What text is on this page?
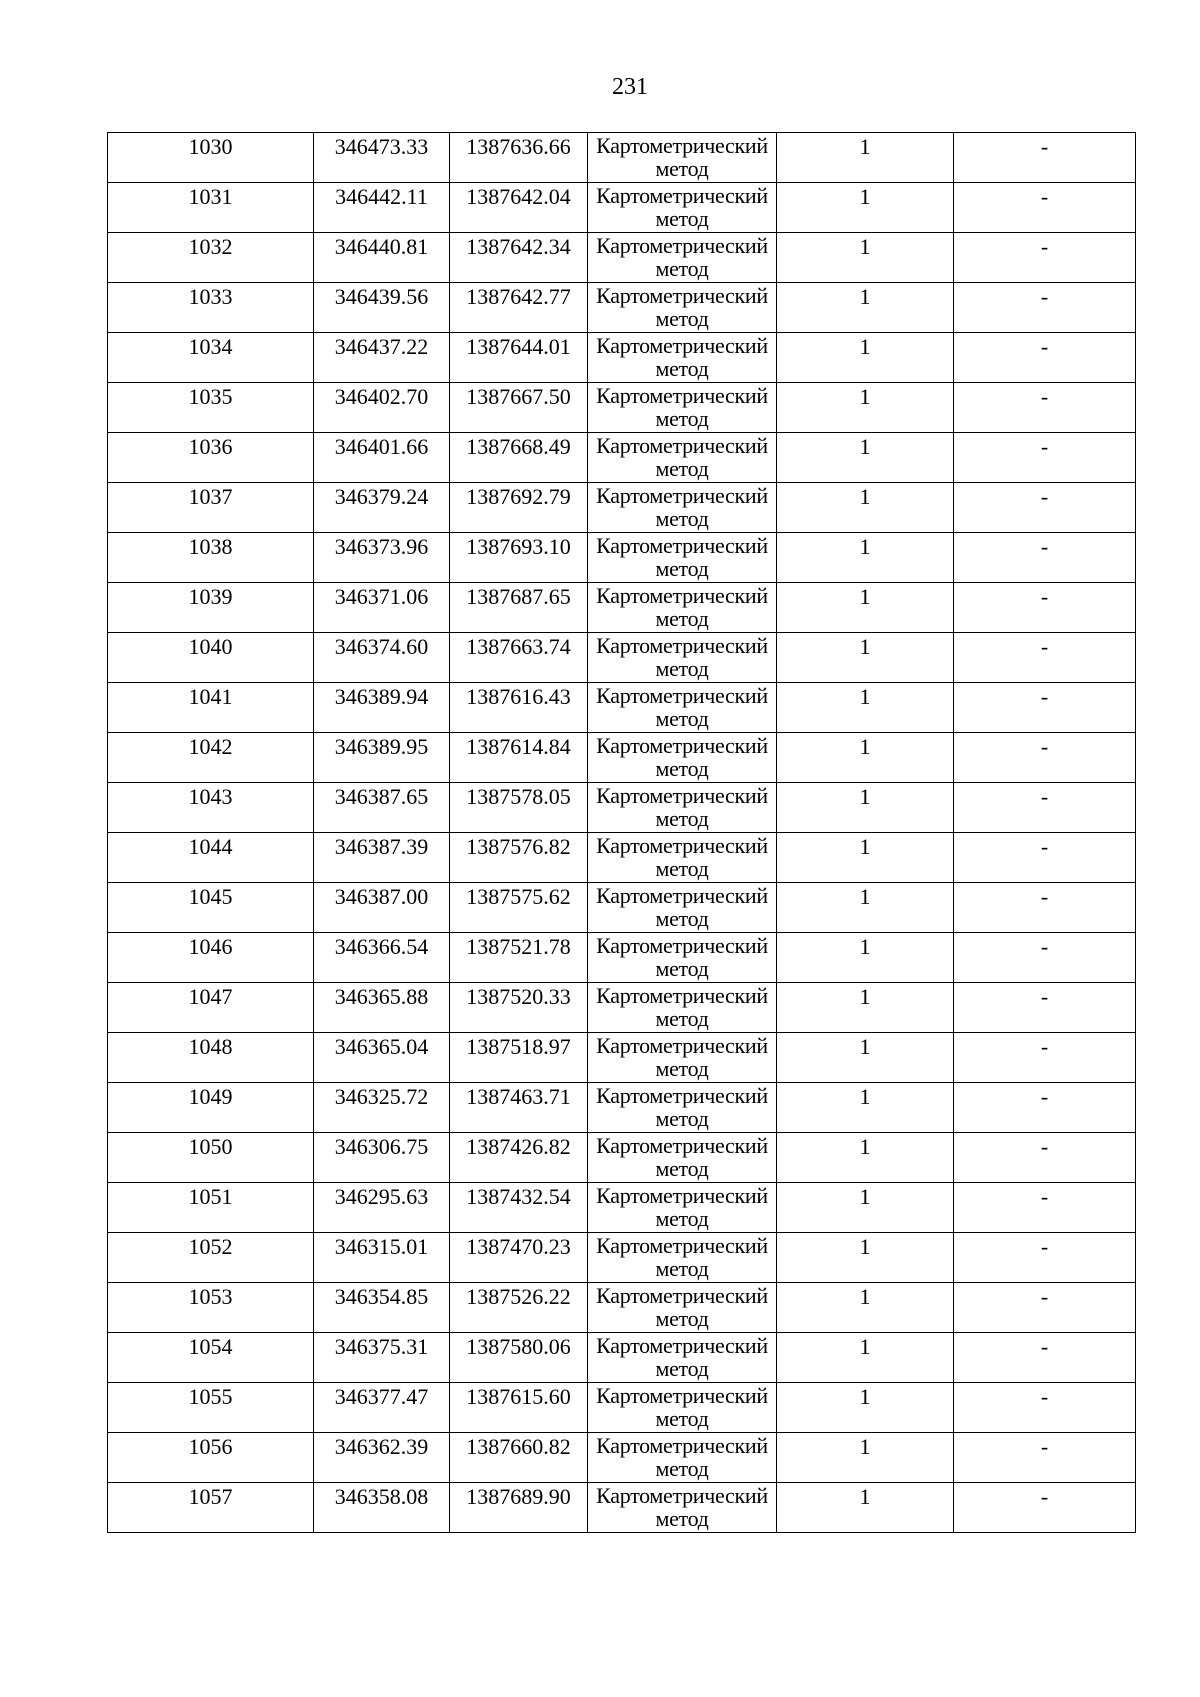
231
1030	346473.33	1387636.66	Картометрический метод	1	-

1031	346442.11	1387642.04	Картометрический метод	1	-

1032	346440.81	1387642.34	Картометрический метод	1	-

1033	346439.56	1387642.77	Картометрический метод	1	-

1034	346437.22	1387644.01	Картометрический метод	1	-

1035	346402.70	1387667.50	Картометрический метод	1	-

1036	346401.66	1387668.49	Картометрический метод	1	-

1037	346379.24	1387692.79	Картометрический метод	1	-

1038	346373.96	1387693.10	Картометрический метод	1	-

1039	346371.06	1387687.65	Картометрический метод	1	-

1040	346374.60	1387663.74	Картометрический метод	1	-

1041	346389.94	1387616.43	Картометрический метод	1	-

1042	346389.95	1387614.84	Картометрический метод	1	-

1043	346387.65	1387578.05	Картометрический метод	1	-

1044	346387.39	1387576.82	Картометрический метод	1	-

1045	346387.00	1387575.62	Картометрический метод	1	-

1046	346366.54	1387521.78	Картометрический метод	1	-

1047	346365.88	1387520.33	Картометрический метод	1	-

1048	346365.04	1387518.97	Картометрический метод	1	-

1049	346325.72	1387463.71	Картометрический метод	1	-

1050	346306.75	1387426.82	Картометрический метод	1	-

1051	346295.63	1387432.54	Картометрический метод	1	-

1052	346315.01	1387470.23	Картометрический метод	1	-

1053	346354.85	1387526.22	Картометрический метод	1	-

1054	346375.31	1387580.06	Картометрический метод	1	-

1055	346377.47	1387615.60	Картометрический метод	1	-

1056	346362.39	1387660.82	Картометрический метод	1	-

1057	346358.08	1387689.90	Картометрический метод	1	-
